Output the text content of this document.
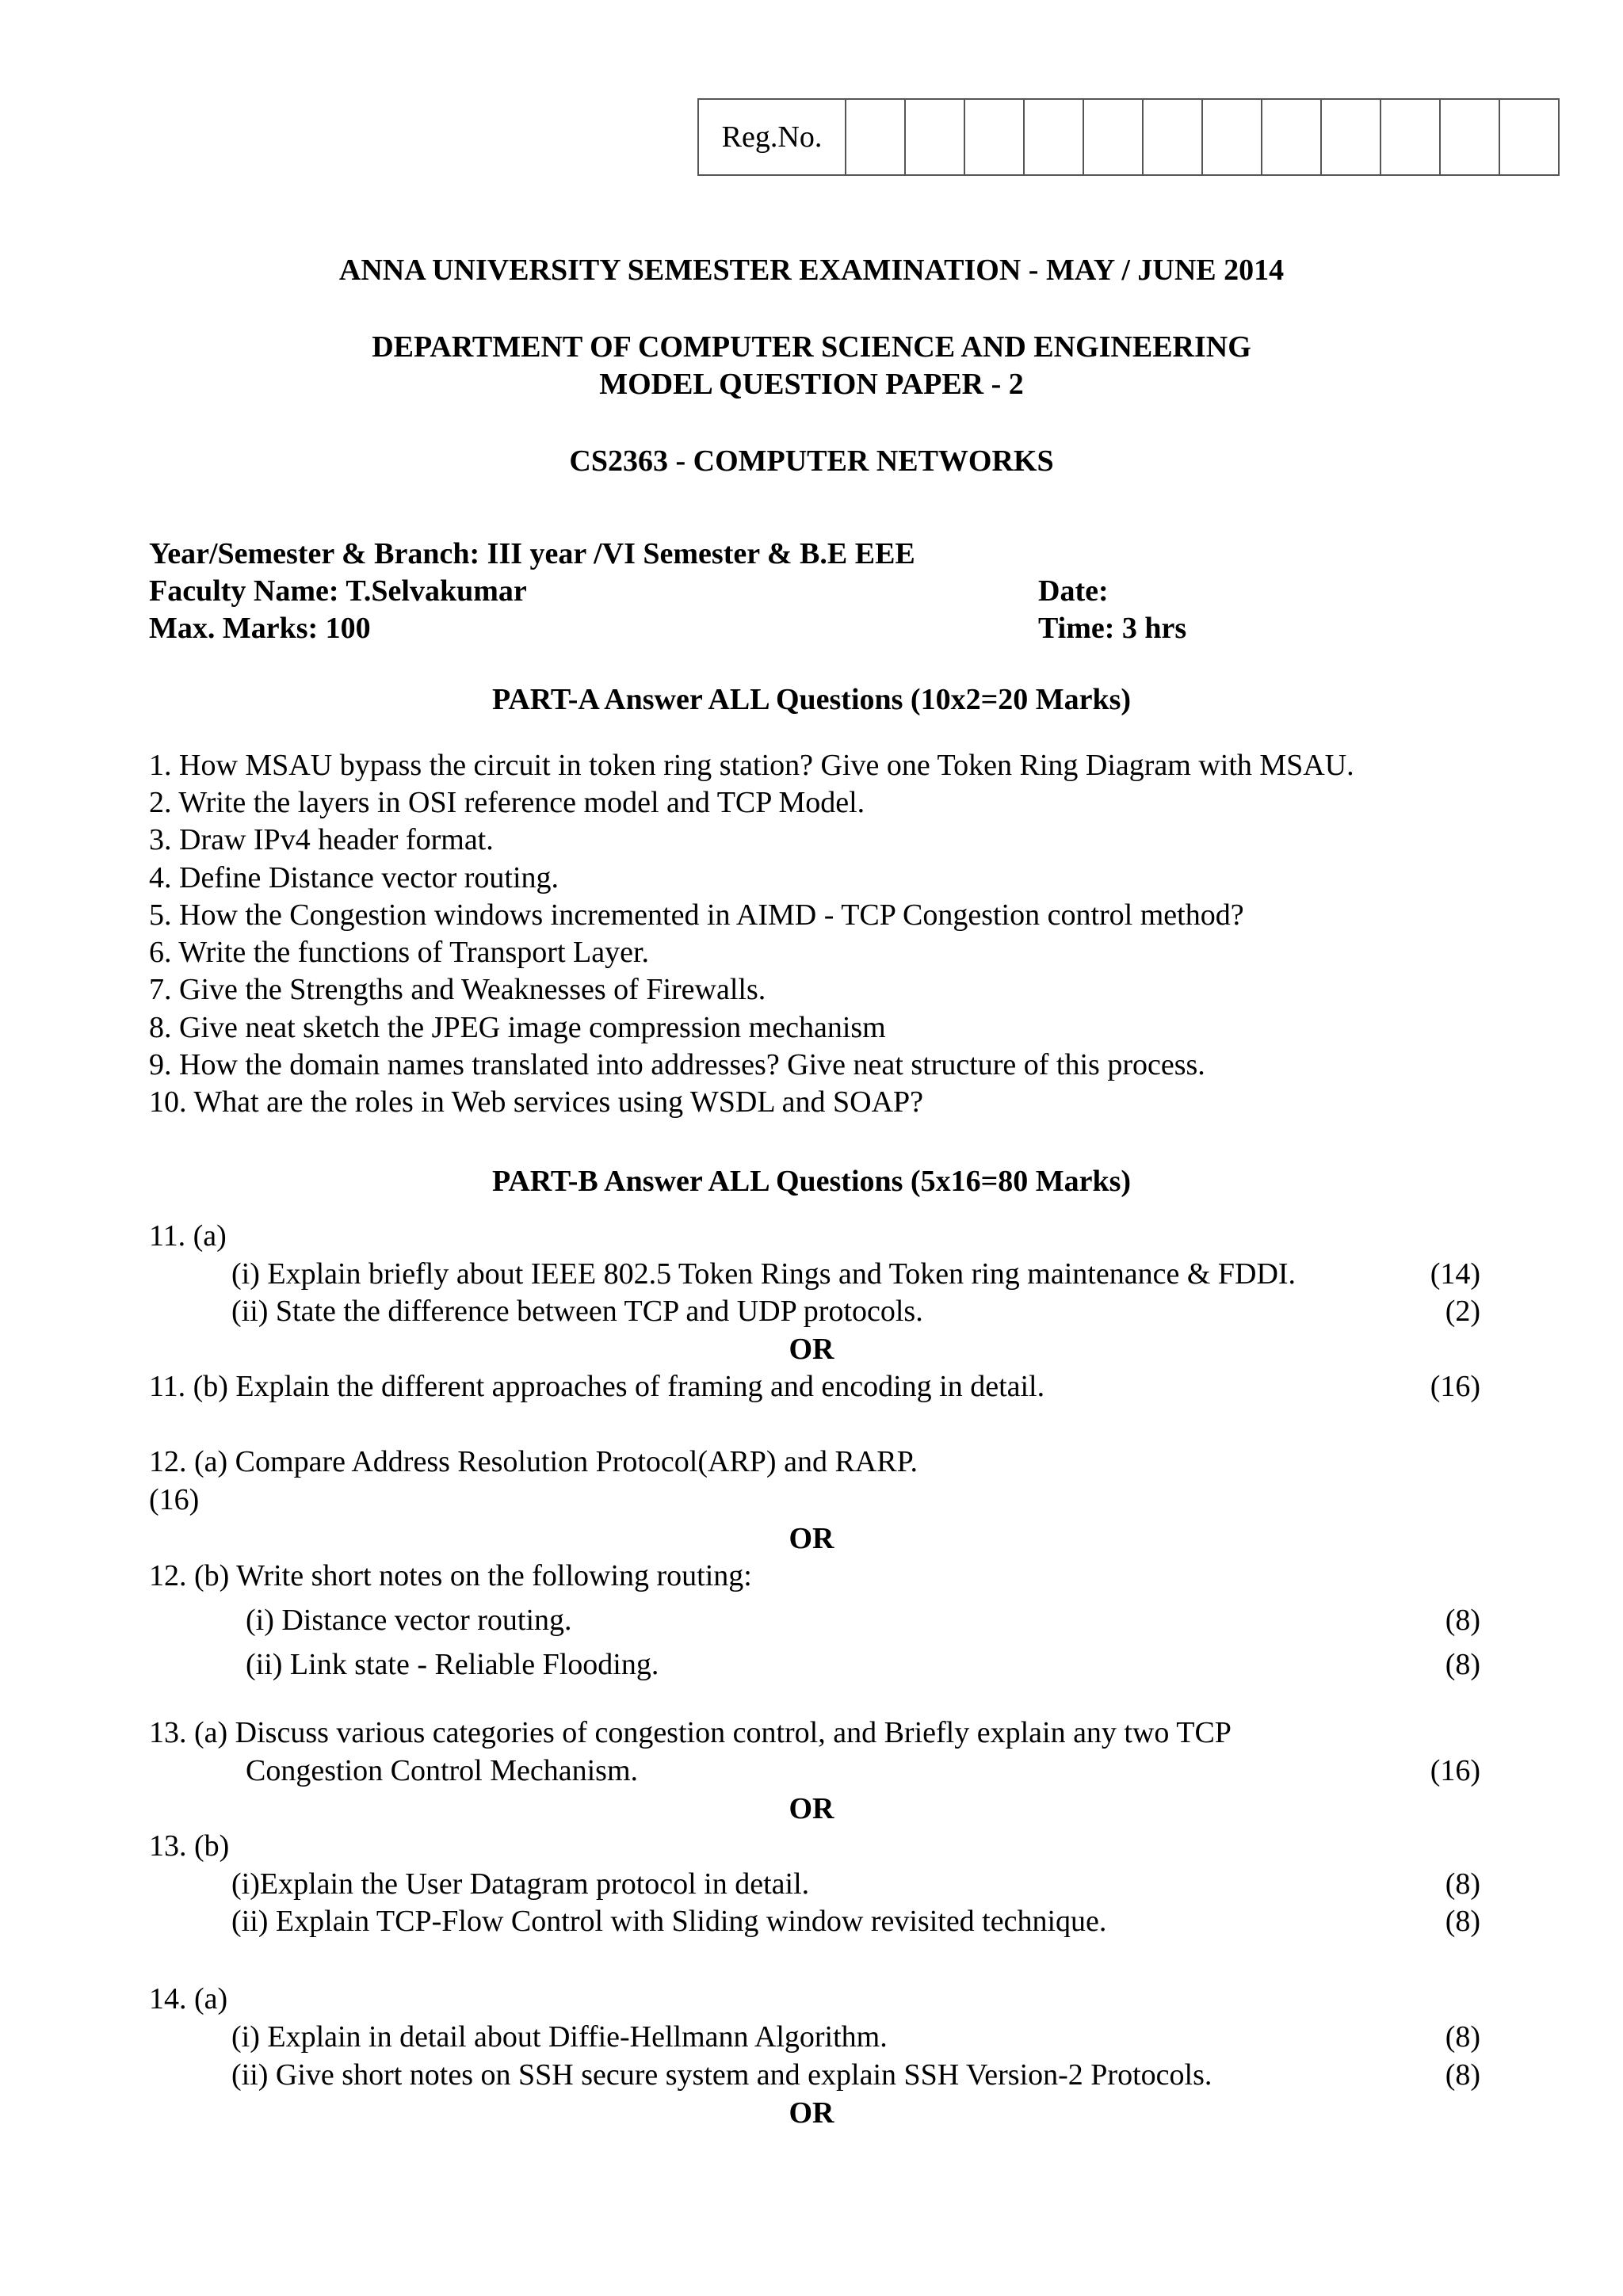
Reg.No.												
ANNA UNIVERSITY SEMESTER EXAMINATION - MAY / JUNE 2014
DEPARTMENT OF COMPUTER SCIENCE AND ENGINEERING
MODEL QUESTION PAPER - 2
CS2363 - COMPUTER NETWORKS
Year/Semester & Branch: III year /VI Semester & B.E EEE
Faculty Name: T.Selvakumar	Date:
Max. Marks: 100	Time: 3 hrs
PART-A Answer ALL Questions (10x2=20 Marks)
1. How MSAU bypass the circuit in token ring station? Give one Token Ring Diagram with MSAU.
2. Write the layers in OSI reference model and TCP Model.
3. Draw IPv4 header format.
4. Define Distance vector routing.
5. How the Congestion windows incremented in AIMD - TCP Congestion control method?
6. Write the functions of Transport Layer.
7. Give the Strengths and Weaknesses of Firewalls.
8. Give neat sketch the JPEG image compression mechanism
9. How the domain names translated into addresses? Give neat structure of this process.
10. What are the roles in Web services using WSDL and SOAP?
PART-B Answer ALL Questions (5x16=80 Marks)
11. (a)
(i) Explain briefly about IEEE 802.5 Token Rings and Token ring maintenance & FDDI.	(14)
(ii) State the difference between TCP and UDP protocols.	(2)
OR
11. (b) Explain the different approaches of framing and encoding in detail.	(16)
12. (a) Compare Address Resolution Protocol(ARP) and RARP.
(16)
OR
12. (b) Write short notes on the following routing:
(i) Distance vector routing.	(8)
(ii) Link state - Reliable Flooding.	(8)
13. (a) Discuss various categories of congestion control, and Briefly explain any two TCP
Congestion Control Mechanism.	(16)
OR
13. (b)
(i)Explain the User Datagram protocol in detail.	(8)
(ii) Explain TCP-Flow Control with Sliding window revisited technique.	(8)
14. (a)
(i) Explain in detail about Diffie-Hellmann Algorithm.	(8)
(ii) Give short notes on SSH secure system and explain SSH Version-2 Protocols.	(8)
OR
